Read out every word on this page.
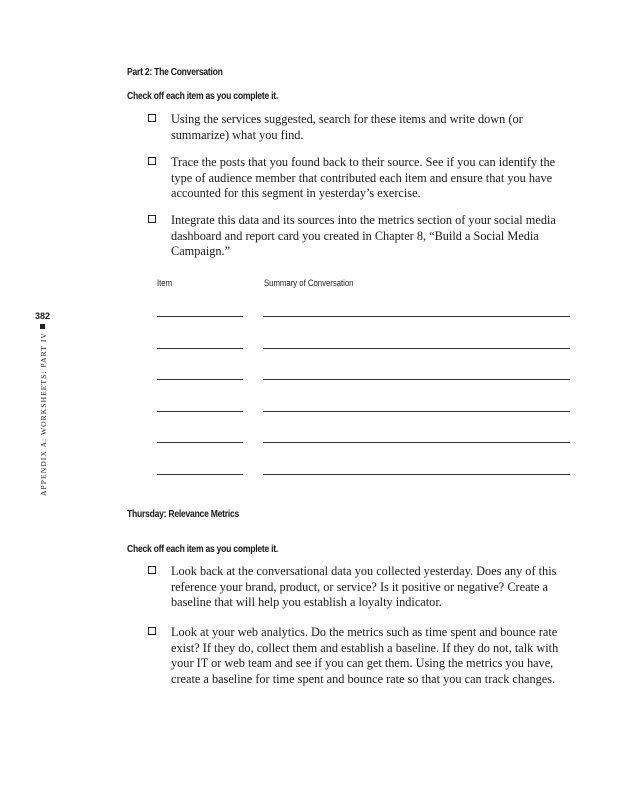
Part 2: The Conversation
Check off each item as you complete it.
Using the services suggested, search for these items and write down (or summarize) what you find.
Trace the posts that you found back to their source. See if you can identify the type of audience member that contributed each item and ensure that you have accounted for this segment in yesterday’s exercise.
Integrate this data and its sources into the metrics section of your social media dashboard and report card you created in Chapter 8, “Build a Social Media Campaign.”
Item	Summary of Conversation
382
APPENDIX A: WORKSHEETS: PART IV
Thursday: Relevance Metrics
Check off each item as you complete it.
Look back at the conversational data you collected yesterday. Does any of this reference your brand, product, or service? Is it positive or negative? Create a baseline that will help you establish a loyalty indicator.
Look at your web analytics. Do the metrics such as time spent and bounce rate exist? If they do, collect them and establish a baseline. If they do not, talk with your IT or web team and see if you can get them. Using the metrics you have, create a baseline for time spent and bounce rate so that you can track changes.
